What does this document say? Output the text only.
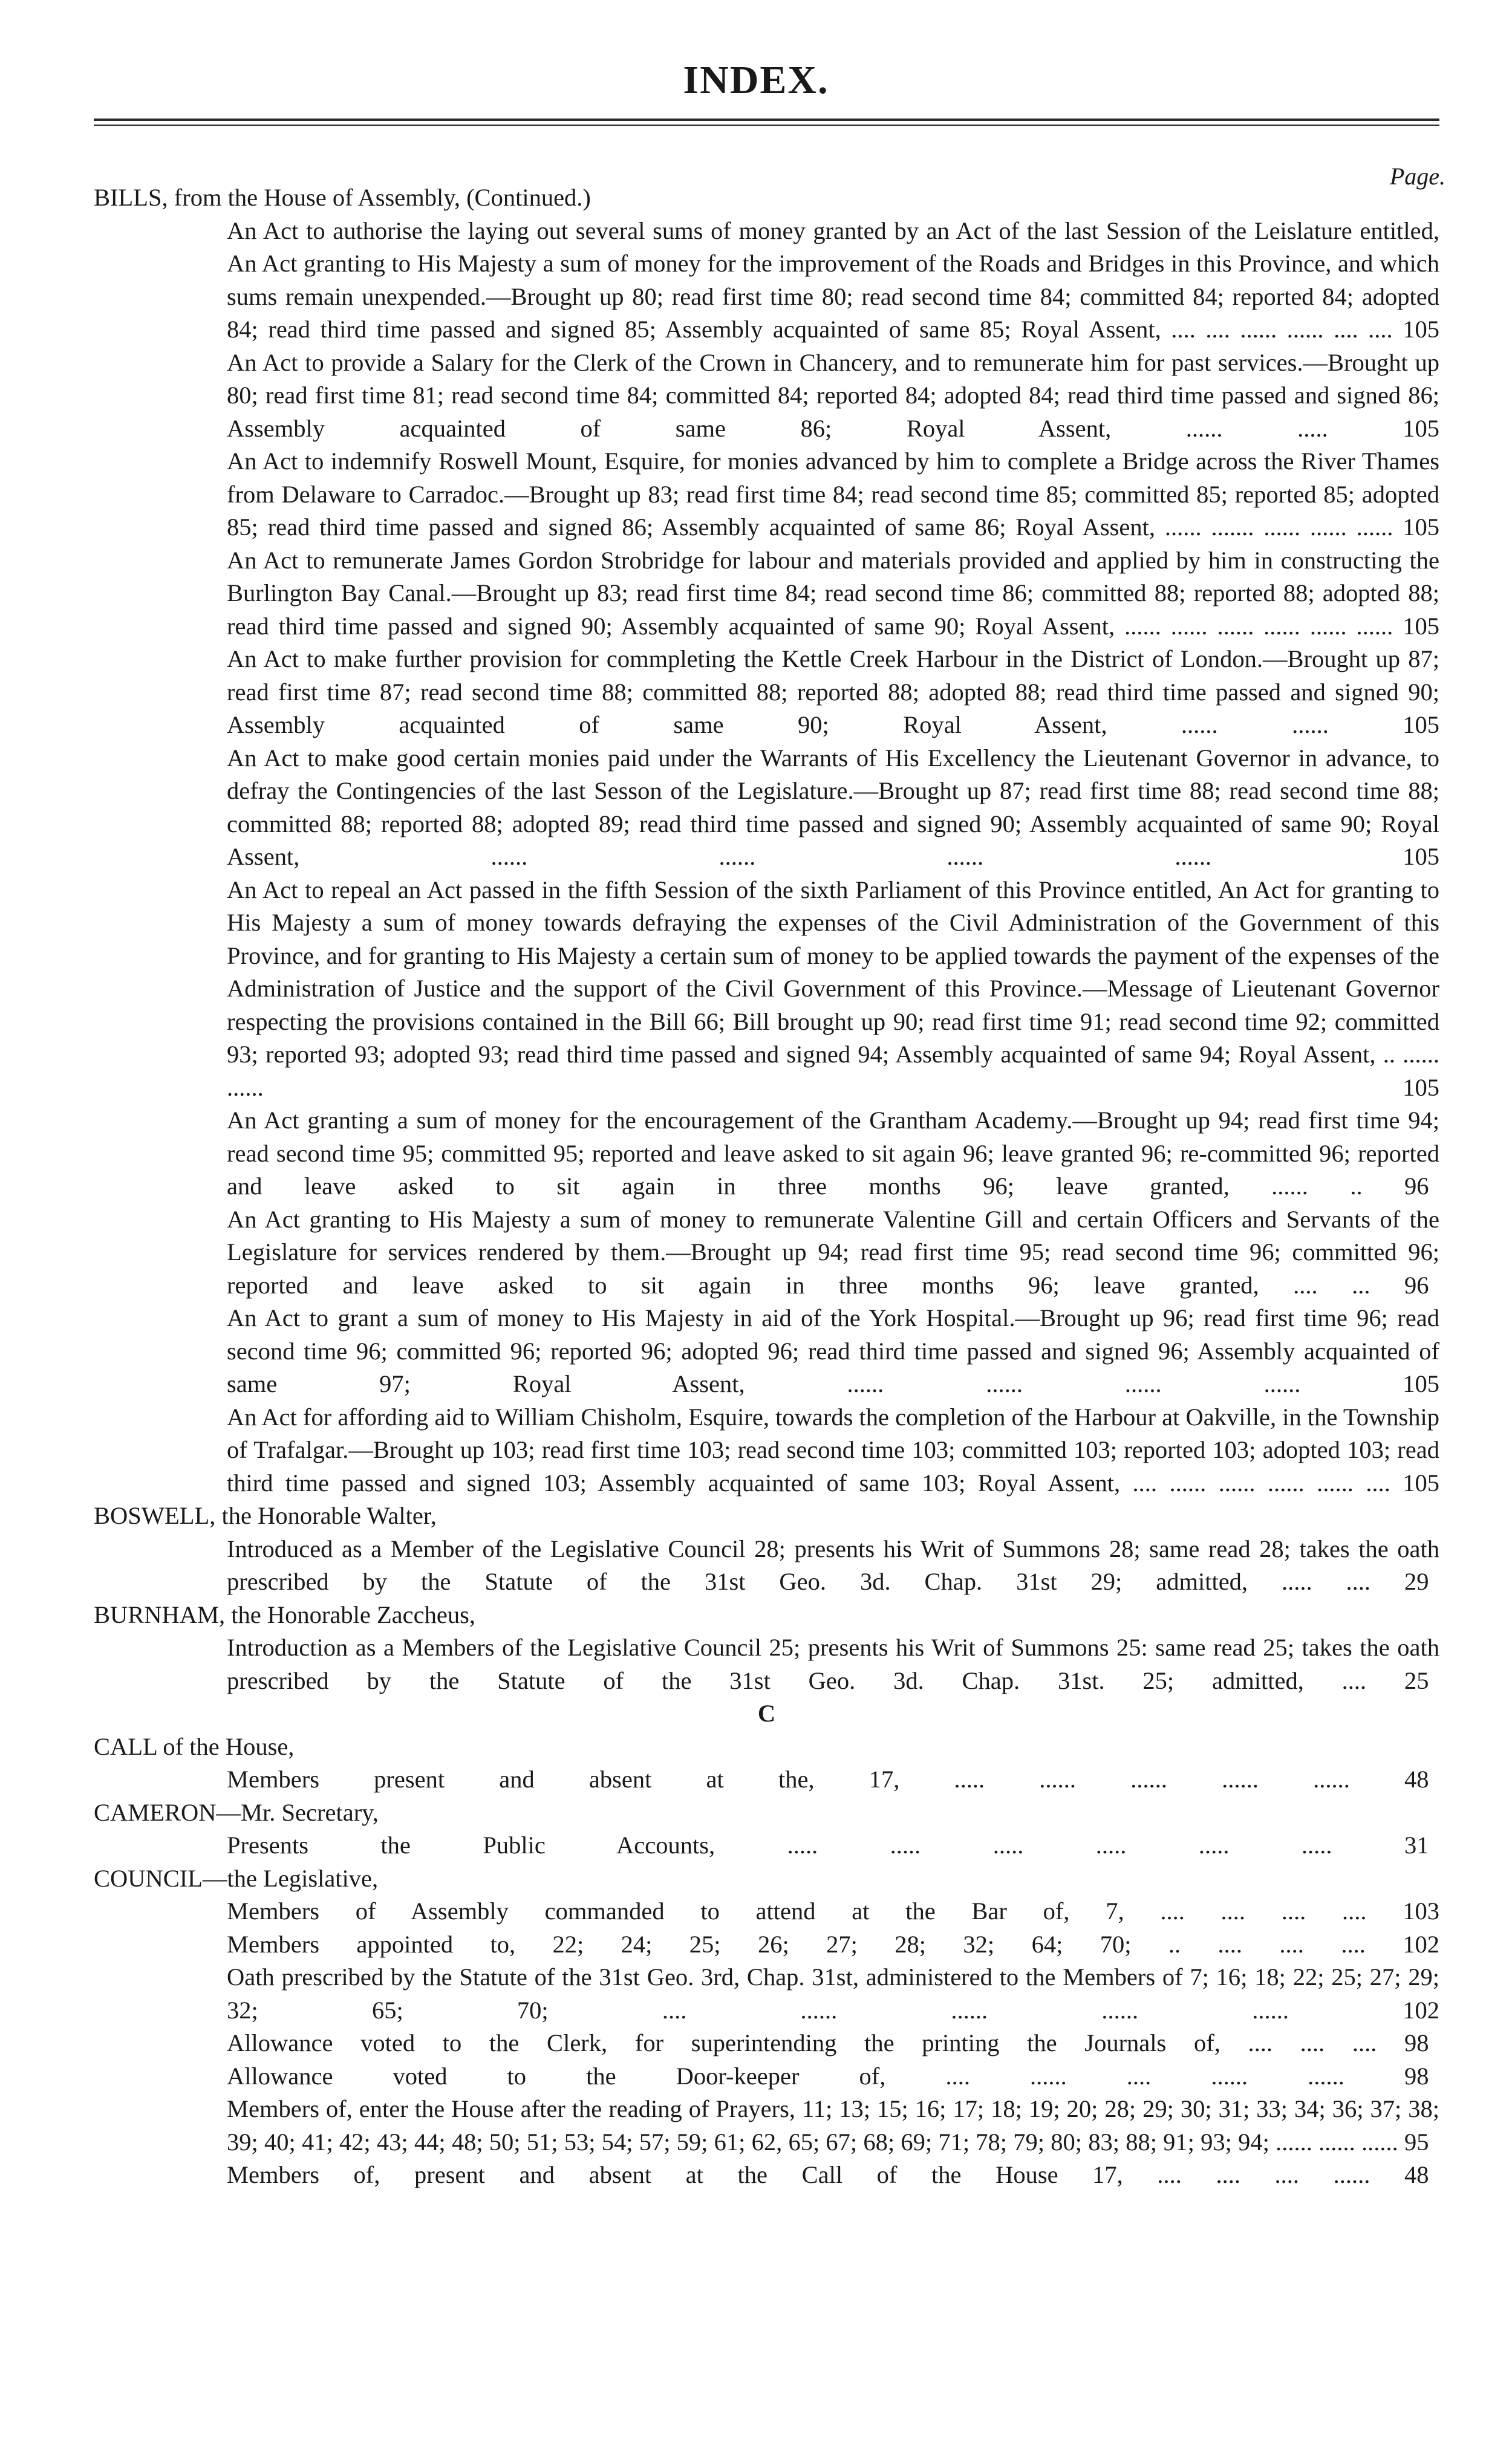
INDEX.
Page.
BILLS, from the House of Assembly, (Continued.)
An Act to authorise the laying out several sums of money granted by an Act of the last Session of the Leislature entitled, An Act granting to His Majesty a sum of money for the improvement of the Roads and Bridges in this Province, and which sums remain unexpended.—Brought up 80; read first time 80; read second time 84; committed 84; reported 84; adopted 84; read third time passed and signed 85; Assembly acquainted of same 85; Royal Assent, .... .... ...... ...... .... .... 105
An Act to provide a Salary for the Clerk of the Crown in Chancery, and to remunerate him for past services.—Brought up 80; read first time 81; read second time 84; committed 84; reported 84; adopted 84; read third time passed and signed 86; Assembly acquainted of same 86; Royal Assent, ...... .....	105
An Act to indemnify Roswell Mount, Esquire, for monies advanced by him to complete a Bridge across the River Thames from Delaware to Carradoc.—Brought up 83; read first time 84; read second time 85; committed 85; reported 85; adopted 85; read third time passed and signed 86; Assembly acquainted of same 86; Royal Assent, ...... ....... ...... ...... ...... 105
An Act to remunerate James Gordon Strobridge for labour and materials provided and applied by him in constructing the Burlington Bay Canal.—Brought up 83; read first time 84; read second time 86; committed 88; reported 88; adopted 88; read third time passed and signed 90; Assembly acquainted of same 90; Royal Assent, ...... ...... ...... ...... ...... ...... 105
An Act to make further provision for commpleting the Kettle Creek Harbour in the District of London.—Brought up 87; read first time 87; read second time 88; committed 88; reported 88; adopted 88; read third time passed and signed 90; Assembly acquainted of same 90; Royal Assent, ...... ......	105
An Act to make good certain monies paid under the Warrants of His Excellency the Lieutenant Governor in advance, to defray the Contingencies of the last Sesson of the Legislature.—Brought up 87; read first time 88; read second time 88; committed 88; reported 88; adopted 89; read third time passed and signed 90; Assembly acquainted of same 90; Royal Assent, ...... ...... ...... ......	105
An Act to repeal an Act passed in the fifth Session of the sixth Parliament of this Province entitled, An Act for granting to His Majesty a sum of money towards defraying the expenses of the Civil Administration of the Government of this Province, and for granting to His Majesty a certain sum of money to be applied towards the payment of the expenses of the Administration of Justice and the support of the Civil Government of this Province.—Message of Lieutenant Governor respecting the provisions contained in the Bill 66; Bill brought up 90; read first time 91; read second time 92; committed 93; reported 93; adopted 93; read third time passed and signed 94; Assembly acquainted of same 94; Royal Assent, .. ...... ......	105
An Act granting a sum of money for the encouragement of the Grantham Academy.—Brought up 94; read first time 94; read second time 95; committed 95; reported and leave asked to sit again 96; leave granted 96; re-committed 96; reported and leave asked to sit again in three months 96; leave granted, ...... .. 96
An Act granting to His Majesty a sum of money to remunerate Valentine Gill and certain Officers and Servants of the Legislature for services rendered by them.—Brought up 94; read first time 95; read second time 96; committed 96; reported and leave asked to sit again in three months 96; leave granted, .... ... 96
An Act to grant a sum of money to His Majesty in aid of the York Hospital.—Brought up 96; read first time 96; read second time 96; committed 96; reported 96; adopted 96; read third time passed and signed 96; Assembly acquainted of same 97; Royal Assent, ...... ...... ...... ......	105
An Act for affording aid to William Chisholm, Esquire, towards the completion of the Harbour at Oakville, in the Township of Trafalgar.—Brought up 103; read first time 103; read second time 103; committed 103; reported 103; adopted 103; read third time passed and signed 103; Assembly acquainted of same 103; Royal Assent, .... ...... ...... ...... ...... .... 105
BOSWELL, the Honorable Walter,
Introduced as a Member of the Legislative Council 28; presents his Writ of Summons 28; same read 28; takes the oath prescribed by the Statute of the 31st Geo. 3d. Chap. 31st 29; admitted, ..... .... 29
BURNHAM, the Honorable Zaccheus,
Introduction as a Members of the Legislative Council 25; presents his Writ of Summons 25: same read 25; takes the oath prescribed by the Statute of the 31st Geo. 3d. Chap. 31st. 25; admitted, .... 25
C
CALL of the House,
Members present and absent at the, 17, ..... ...... ...... ...... ...... 48
CAMERON—Mr. Secretary,
Presents the Public Accounts, ..... ..... ..... ..... ..... .....	31
COUNCIL—the Legislative,
Members of Assembly commanded to attend at the Bar of, 7, .... .... .... .... 103
Members appointed to, 22; 24; 25; 26; 27; 28; 32; 64; 70; .. .... .... .... 102
Oath prescribed by the Statute of the 31st Geo. 3rd, Chap. 31st, administered to the Members of 7; 16; 18; 22; 25; 27; 29; 32; 65; 70; .... ...... ...... ...... ......	102
Allowance voted to the Clerk, for superintending the printing the Journals of, .... .... .... 98
Allowance voted to the Door-keeper of, .... ...... .... ...... ...... 98
Members of, enter the House after the reading of Prayers, 11; 13; 15; 16; 17; 18; 19; 20; 28; 29; 30; 31; 33; 34; 36; 37; 38; 39; 40; 41; 42; 43; 44; 48; 50; 51; 53; 54; 57; 59; 61; 62, 65; 67; 68; 69; 71; 78; 79; 80; 83; 88; 91; 93; 94; ...... ...... ...... 95
Members of, present and absent at the Call of the House 17, .... .... .... ...... 48
